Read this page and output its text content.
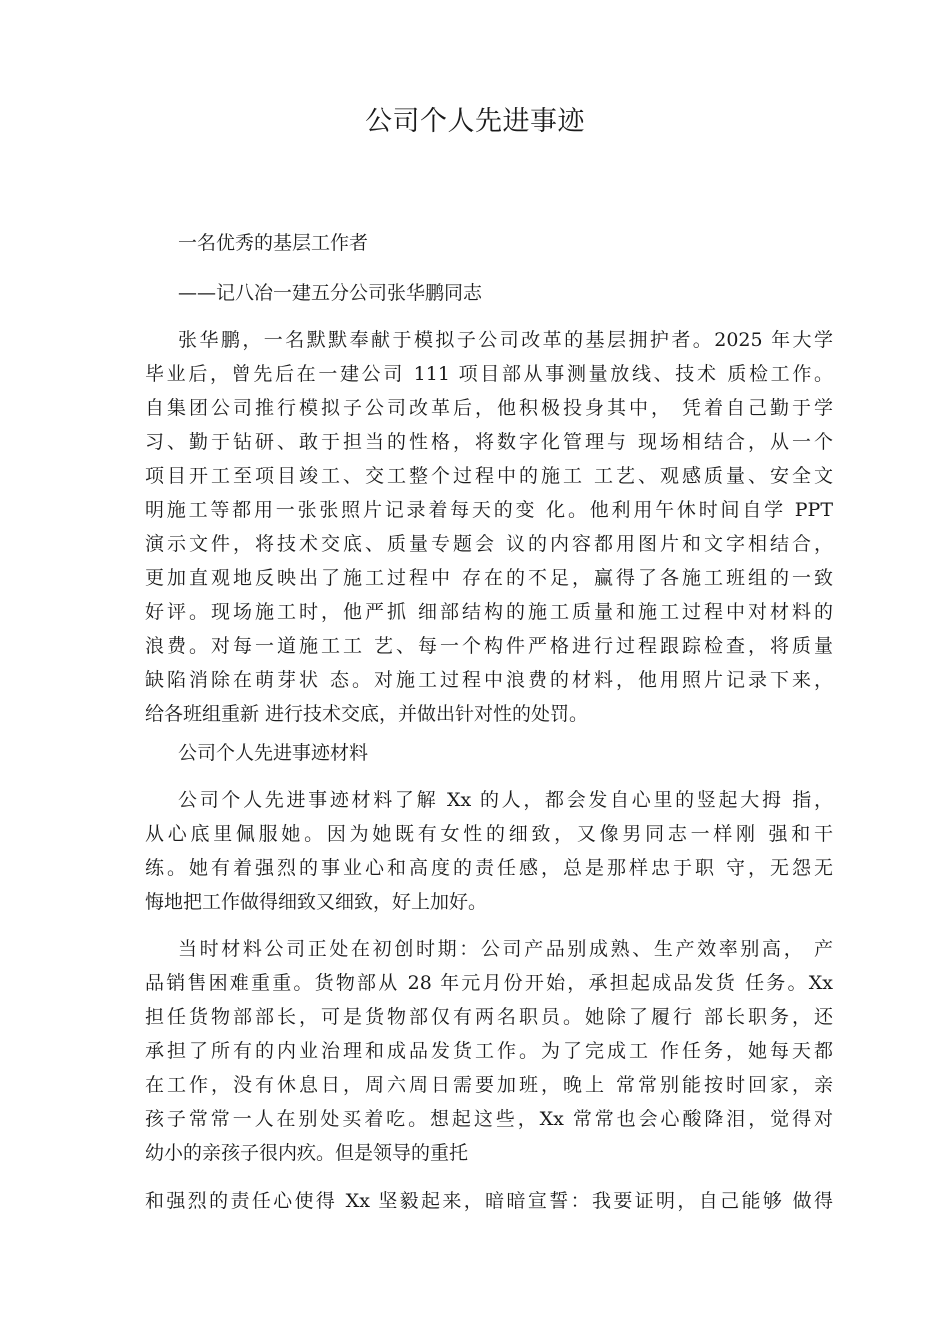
公司个人先进事迹
一名优秀的基层工作者
——记八冶一建五分公司张华鹏同志
张华鹏，一名默默奉献于模拟子公司改革的基层拥护者。2025 年大学
毕业后，曾先后在一建公司 111 项目部从事测量放线、技术 质检工作。
自集团公司推行模拟子公司改革后，他积极投身其中， 凭着自己勤于学
习、勤于钻研、敢于担当的性格，将数字化管理与 现场相结合，从一个
项目开工至项目竣工、交工整个过程中的施工 工艺、观感质量、安全文
明施工等都用一张张照片记录着每天的变 化。他利用午休时间自学 PPT
演示文件，将技术交底、质量专题会 议的内容都用图片和文字相结合，
更加直观地反映出了施工过程中 存在的不足，赢得了各施工班组的一致
好评。现场施工时，他严抓 细部结构的施工质量和施工过程中对材料的
浪费。对每一道施工工 艺、每一个构件严格进行过程跟踪检查，将质量
缺陷消除在萌芽状 态。对施工过程中浪费的材料，他用照片记录下来，
给各班组重新 进行技术交底，并做出针对性的处罚。
公司个人先进事迹材料
公司个人先进事迹材料了解 Xx 的人，都会发自心里的竖起大拇 指，
从心底里佩服她。因为她既有女性的细致，又像男同志一样刚 强和干
练。她有着强烈的事业心和高度的责任感，总是那样忠于职 守，无怨无
悔地把工作做得细致又细致，好上加好。
当时材料公司正处在初创时期：公司产品别成熟、生产效率别高， 产
品销售困难重重。货物部从 28 年元月份开始，承担起成品发货 任务。Xx
担任货物部部长，可是货物部仅有两名职员。她除了履行 部长职务，还
承担了所有的内业治理和成品发货工作。为了完成工 作任务，她每天都
在工作，没有休息日，周六周日需要加班，晚上 常常别能按时回家，亲
孩子常常一人在别处买着吃。想起这些，Xx 常常也会心酸降泪，觉得对
幼小的亲孩子很内疚。但是领导的重托
和强烈的责任心使得 Xx 坚毅起来，暗暗宣誓：我要证明，自己能够 做得
